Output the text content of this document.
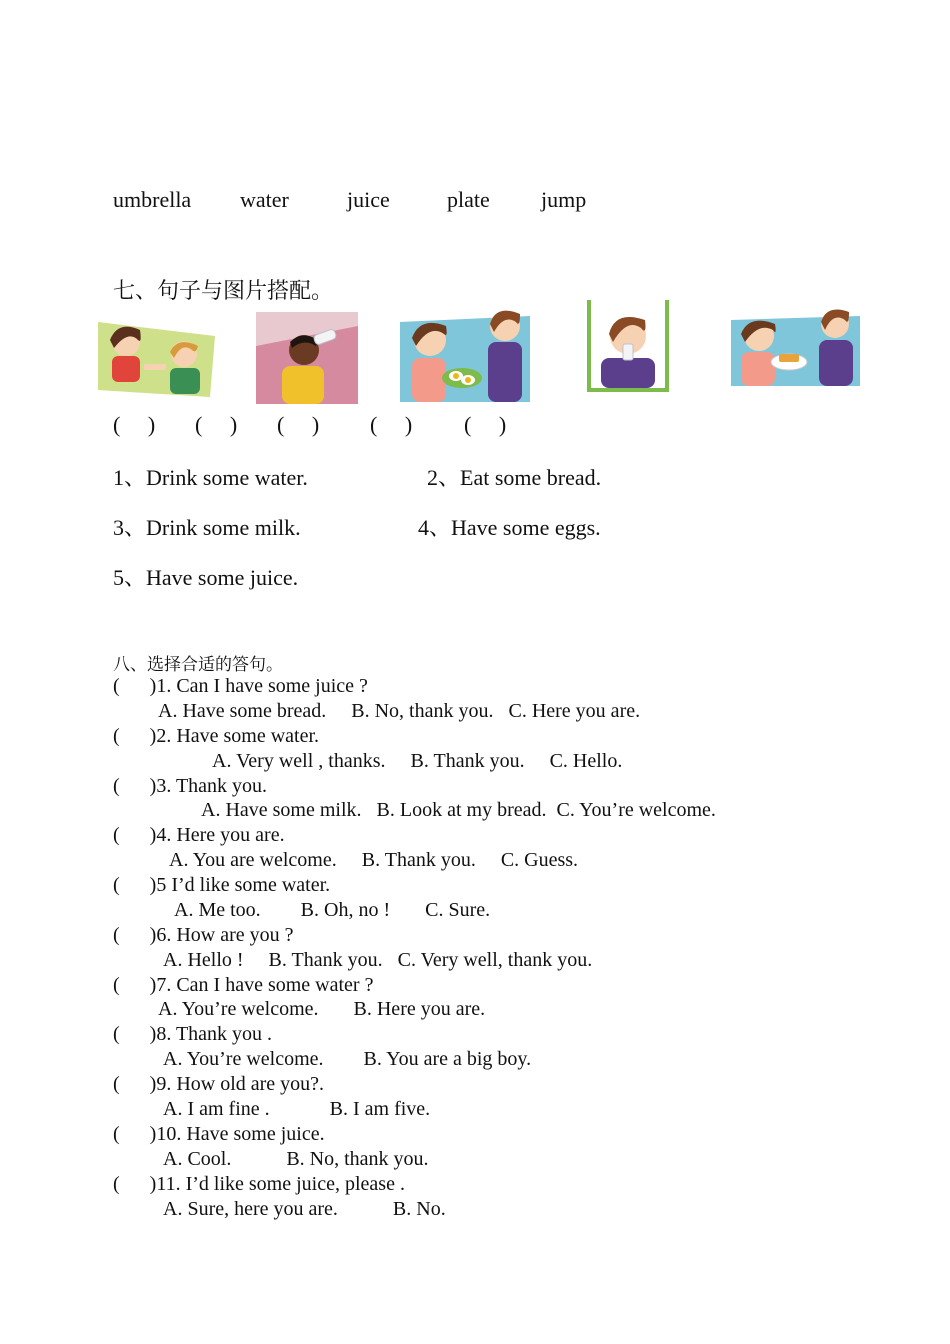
umbrella water	juice	plate jump
七、句子与图片搭配。
(     ) (     ) (     ) (     ) (     )
1、Drink some water.	2、Eat some bread.
3、Drink some milk.	4、Have some eggs.
5、Have some juice.
八、选择合适的答句。
(      )1. Can I have some juice ?
A. Have some bread.     B. No, thank you.   C. Here you are.
(      )2. Have some water.
A. Very well , thanks.     B. Thank you.     C. Hello.
(      )3. Thank you.
A. Have some milk.   B. Look at my bread.  C. You’re welcome.
(      )4. Here you are.
A. You are welcome.     B. Thank you.     C. Guess.
(      )5 I’d like some water.
A. Me too.        B. Oh, no !       C. Sure.
(      )6. How are you ?
A. Hello !     B. Thank you.   C. Very well, thank you.
(      )7. Can I have some water ?
A. You’re welcome.       B. Here you are.
(      )8. Thank you .
A. You’re welcome.        B. You are a big boy.
(      )9. How old are you?.
A. I am fine .            B. I am five.
(      )10. Have some juice.
A. Cool.           B. No, thank you.
(      )11. I’d like some juice, please .
A. Sure, here you are.           B. No.
